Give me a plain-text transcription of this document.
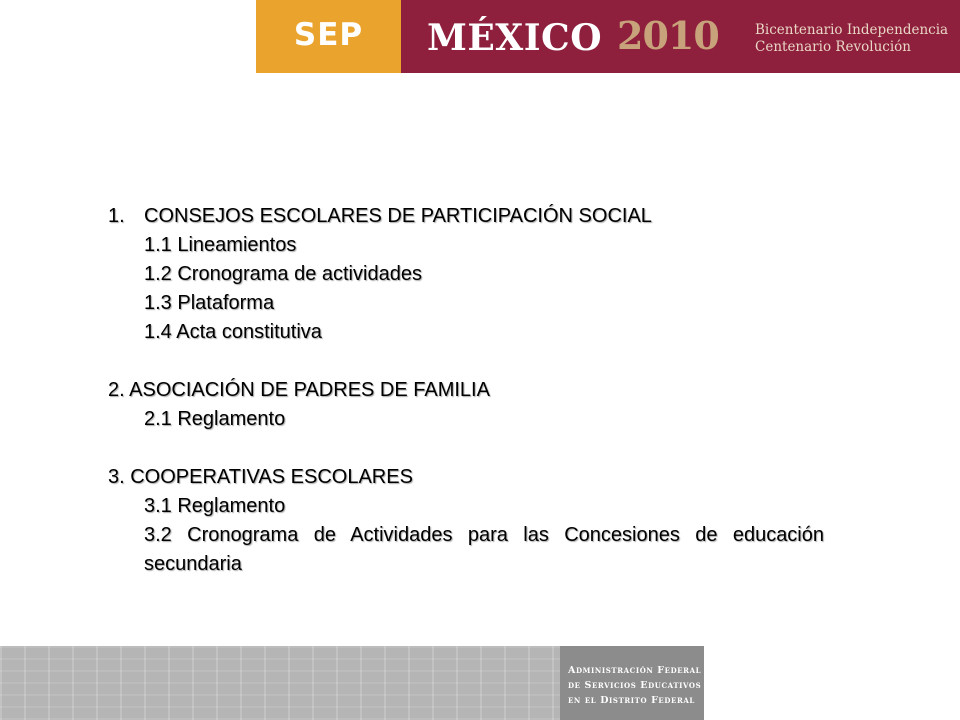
SEP MÉXICO 2010	Bicentenario Independencia
Centenario Revolución
1. CONSEJOS ESCOLARES DE PARTICIPACIÓN SOCIAL
1.1 Lineamientos
1.2 Cronograma de actividades
1.3 Plataforma
1.4 Acta constitutiva
2. ASOCIACIÓN DE PADRES DE FAMILIA
2.1 Reglamento
3. COOPERATIVAS ESCOLARES
3.1 Reglamento
3.2 Cronograma de Actividades para las Concesiones de educación secundaria
Administración Federal
de Servicios Educativos
en el Distrito Federal
